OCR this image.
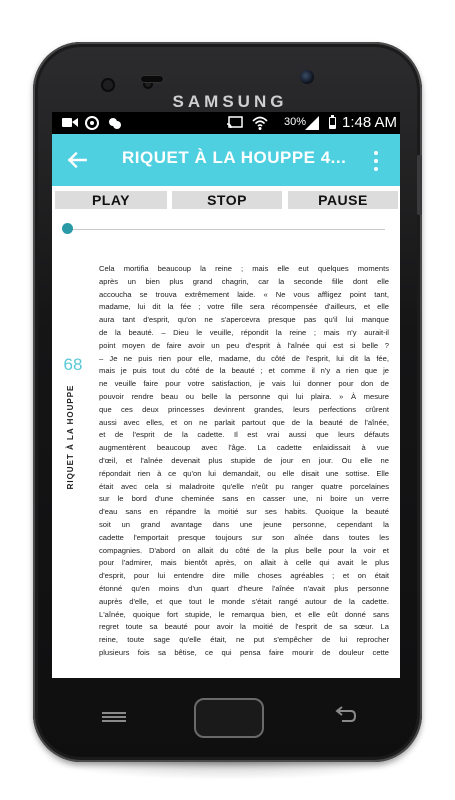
SAMSUNG
30% 1:48 AM
RIQUET À LA HOUPPE 4...
PLAY	STOP	PAUSE
68
RIQUET À LA HOUPPE
Cela mortifia beaucoup la reine ; mais elle eut quelques moments
après un bien plus grand chagrin, car la seconde fille dont elle
accoucha se trouva extrêmement laide. « Ne vous affligez point tant,
madame, lui dit la fée ; votre fille sera récompensée d'ailleurs, et elle
aura tant d'esprit, qu'on ne s'apercevra presque pas qu'il lui manque
de la beauté. – Dieu le veuille, répondit la reine ; mais n'y aurait-il
point moyen de faire avoir un peu d'esprit à l'aînée qui est si belle ?
– Je ne puis rien pour elle, madame, du côté de l'esprit, lui dit la fée,
mais je puis tout du côté de la beauté ; et comme il n'y a rien que je
ne veuille faire pour votre satisfaction, je vais lui donner pour don de
pouvoir rendre beau ou belle la personne qui lui plaira. » À mesure
que ces deux princesses devinrent grandes, leurs perfections crûrent
aussi avec elles, et on ne parlait partout que de la beauté de l'aînée,
et de l'esprit de la cadette. Il est vrai aussi que leurs défauts
augmentèrent beaucoup avec l'âge. La cadette enlaidissait à vue
d'œil, et l'aînée devenait plus stupide de jour en jour. Ou elle ne
répondait rien à ce qu'on lui demandait, ou elle disait une sottise. Elle
était avec cela si maladroite qu'elle n'eût pu ranger quatre porcelaines
sur le bord d'une cheminée sans en casser une, ni boire un verre
d'eau sans en répandre la moitié sur ses habits. Quoique la beauté
soit un grand avantage dans une jeune personne, cependant la
cadette l'emportait presque toujours sur son aînée dans toutes les
compagnies. D'abord on allait du côté de la plus belle pour la voir et
pour l'admirer, mais bientôt après, on allait à celle qui avait le plus
d'esprit, pour lui entendre dire mille choses agréables ; et on était
étonné qu'en moins d'un quart d'heure l'aînée n'avait plus personne
auprès d'elle, et que tout le monde s'était rangé autour de la cadette.
L'aînée, quoique fort stupide, le remarqua bien, et elle eût donné sans
regret toute sa beauté pour avoir la moitié de l'esprit de sa sœur. La
reine, toute sage qu'elle était, ne put s'empêcher de lui reprocher
plusieurs fois sa bêtise, ce qui pensa faire mourir de douleur cette
